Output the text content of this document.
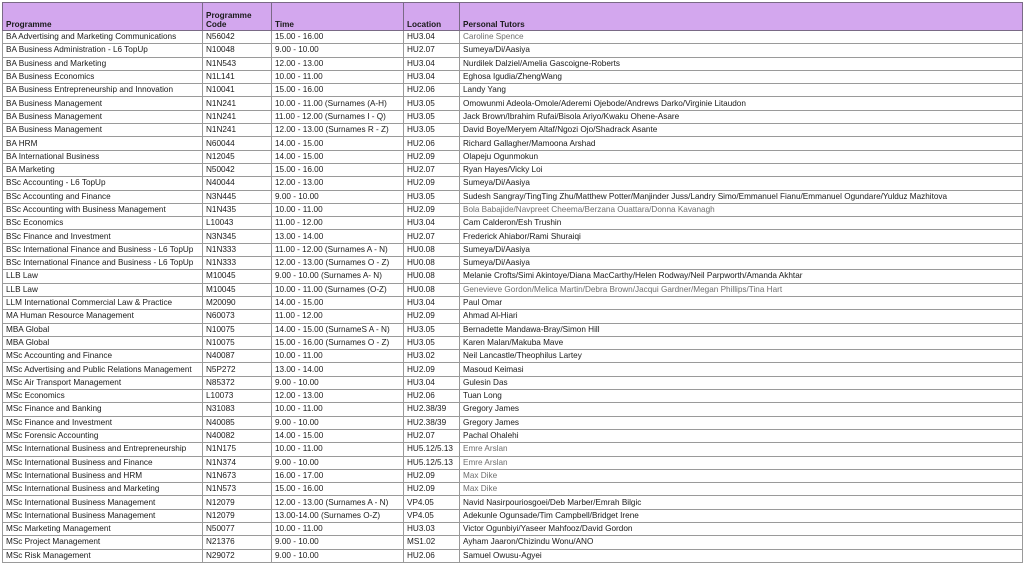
Programme	Programme Code	Time	Location	Personal Tutors
BA Advertising and Marketing Communications	N56042	15.00 - 16.00	HU3.04	Caroline Spence
BA Business Administration - L6 TopUp	N10048	9.00 - 10.00	HU2.07	Sumeya/Di/Aasiya
BA Business and Marketing	N1N543	12.00 - 13.00	HU3.04	Nurdilek Dalziel/Amelia Gascoigne-Roberts
BA Business Economics	N1L141	10.00 - 11.00	HU3.04	Eghosa Igudia/ZhengWang
BA Business Entrepreneurship and Innovation	N10041	15.00 - 16.00	HU2.06	Landy Yang
BA Business Management	N1N241	10.00 - 11.00 (Surnames (A-H)	HU3.05	Omowunmi Adeola-Omole/Aderemi Ojebode/Andrews Darko/Virginie Litaudon
BA Business Management	N1N241	11.00 - 12.00 (Surnames I - Q)	HU3.05	Jack Brown/Ibrahim Rufai/Bisola Ariyo/Kwaku Ohene-Asare
BA Business Management	N1N241	12.00 - 13.00 (Surnames R - Z)	HU3.05	David Boye/Meryem Altaf/Ngozi Ojo/Shadrack Asante
BA HRM	N60044	14.00 - 15.00	HU2.06	Richard Gallagher/Mamoona Arshad
BA International Business	N12045	14.00 - 15.00	HU2.09	Olapeju Ogunmokun
BA Marketing	N50042	15.00 - 16.00	HU2.07	Ryan Hayes/Vicky Loi
BSc Accounting - L6 TopUp	N40044	12.00 - 13.00	HU2.09	Sumeya/Di/Aasiya
BSc Accounting and Finance	N3N445	9.00 - 10.00	HU3.05	Sudesh Sangray/TingTing Zhu/Matthew Potter/Manjinder Juss/Landry Simo/Emmanuel Fianu/Emmanuel Ogundare/Yulduz Mazhitova
BSc Accounting with Business Management	N1N435	10.00 - 11.00	HU2.09	Bola Babajide/Navpreet Cheema/Berzana Ouattara/Donna Kavanagh
BSc Economics	L10043	11.00 - 12.00	HU3.04	Cam Calderon/Esh Trushin
BSc Finance and Investment	N3N345	13.00 - 14.00	HU2.07	Frederick Ahiabor/Rami Shuraiqi
BSc International Finance and Business - L6 TopUp	N1N333	11.00 - 12.00 (Surnames A - N)	HU0.08	Sumeya/Di/Aasiya
BSc International Finance and Business - L6 TopUp	N1N333	12.00 - 13.00 (Surnames O - Z)	HU0.08	Sumeya/Di/Aasiya
LLB Law	M10045	9.00 - 10.00 (Surnames A- N)	HU0.08	Melanie Crofts/Simi Akintoye/Diana MacCarthy/Helen Rodway/Neil Parpworth/Amanda Akhtar
LLB Law	M10045	10.00 - 11.00 (Surnames (O-Z)	HU0.08	Genevieve Gordon/Melica Martin/Debra Brown/Jacqui Gardner/Megan Phillips/Tina Hart
LLM International Commercial Law & Practice	M20090	14.00 - 15.00	HU3.04	Paul Omar
MA Human Resource Management	N60073	11.00 - 12.00	HU2.09	Ahmad Al-Hiari
MBA Global	N10075	14.00 - 15.00 (SurnameS A - N)	HU3.05	Bernadette Mandawa-Bray/Simon Hill
MBA Global	N10075	15.00 - 16.00 (Surnames O - Z)	HU3.05	Karen Malan/Makuba Mave
MSc Accounting and Finance	N40087	10.00 - 11.00	HU3.02	Neil Lancastle/Theophilus Lartey
MSc Advertising and Public Relations Management	N5P272	13.00 - 14.00	HU2.09	Masoud Keimasi
MSc Air Transport Management	N85372	9.00 - 10.00	HU3.04	Gulesin Das
MSc Economics	L10073	12.00 - 13.00	HU2.06	Tuan Long
MSc Finance and Banking	N31083	10.00 - 11.00	HU2.38/39	Gregory James
MSc Finance and Investment	N40085	9.00 - 10.00	HU2.38/39	Gregory James
MSc Forensic Accounting	N40082	14.00 - 15.00	HU2.07	Pachal Ohalehi
MSc International Business and Entrepreneurship	N1N175	10.00 - 11.00	HU5.12/5.13	Emre Arslan
MSc International Business and Finance	N1N374	9.00 - 10.00	HU5.12/5.13	Emre Arslan
MSc International Business and HRM	N1N673	16.00 - 17.00	HU2.09	Max Dike
MSc International Business and Marketing	N1N573	15.00 - 16.00	HU2.09	Max Dike
MSc International Business Management	N12079	12.00 - 13.00 (Surnames A - N)	VP4.05	Navid Nasirpouriosgoei/Deb Marber/Emrah Bilgic
MSc International Business Management	N12079	13.00-14.00 (Surnames O-Z)	VP4.05	Adekunle Ogunsade/Tim Campbell/Bridget Irene
MSc Marketing Management	N50077	10.00 - 11.00	HU3.03	Victor Ogunbiyi/Yaseer Mahfooz/David Gordon
MSc Project Management	N21376	9.00 - 10.00	MS1.02	Ayham Jaaron/Chizindu Wonu/ANO
MSc Risk Management	N29072	9.00 - 10.00	HU2.06	Samuel Owusu-Agyei
